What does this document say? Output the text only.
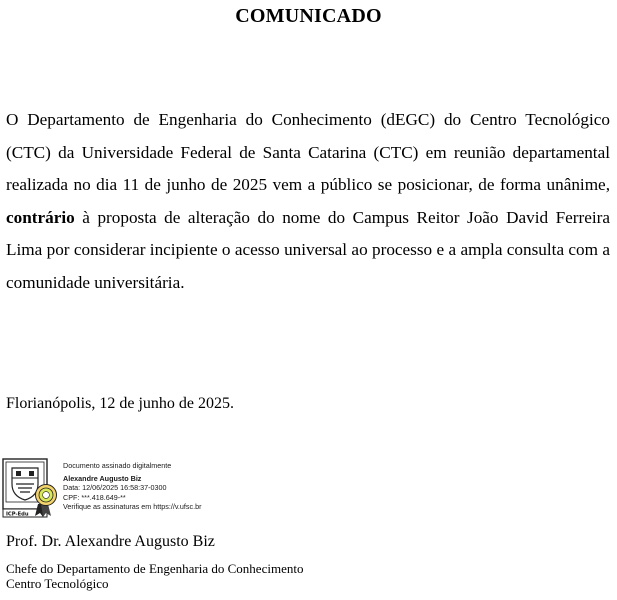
COMUNICADO
O Departamento de Engenharia do Conhecimento (dEGC) do Centro Tecnológico (CTC) da Universidade Federal de Santa Catarina (CTC) em reunião departamental realizada no dia 11 de junho de 2025 vem a público se posicionar, de forma unânime, contrário à proposta de alteração do nome do Campus Reitor João David Ferreira Lima por considerar incipiente o acesso universal ao processo e a ampla consulta com a comunidade universitária.
Florianópolis, 12 de junho de 2025.
ICP-Edu
Documento assinado digitalmente
Alexandre Augusto Biz
Data: 12/06/2025 16:58:37-0300
CPF: ***.418.649-**
Verifique as assinaturas em https://v.ufsc.br
Prof. Dr. Alexandre Augusto Biz
Chefe do Departamento de Engenharia do Conhecimento
Centro Tecnológico
